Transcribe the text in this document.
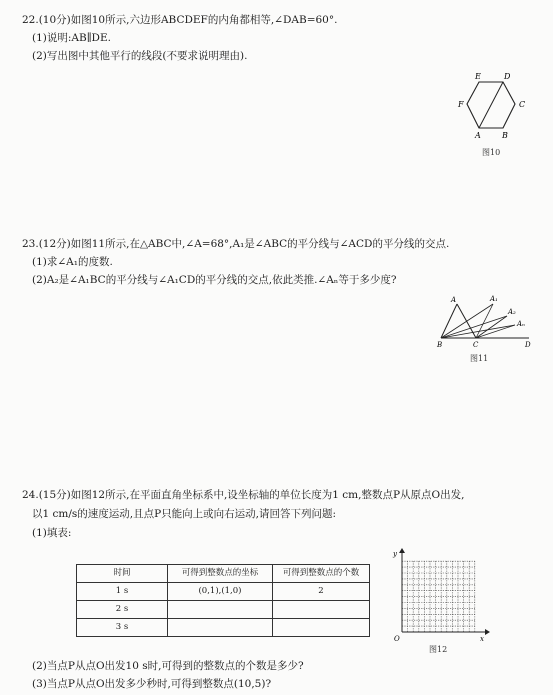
22.(10分)如图10所示,六边形ABCDEF的内角都相等,∠DAB=60°.
(1)说明:AB∥DE.
(2)写出图中其他平行的线段(不要求说明理由).
E	D
F	C
A	B
图10
23.(12分)如图11所示,在△ABC中,∠A=68°,A₁是∠ABC的平分线与∠ACD的平分线的交点.
(1)求∠A₁的度数.
(2)A₂是∠A₁BC的平分线与∠A₁CD的平分线的交点,依此类推.∠Aₙ等于多少度?
A	A₁
A₂
Aₙ
B	C	D
图11
24.(15分)如图12所示,在平面直角坐标系中,设坐标轴的单位长度为1 cm,整数点P从原点O出发,
以1 cm/s的速度运动,且点P只能向上或向右运动,请回答下列问题:
(1)填表:
时间	可得到整数点的坐标	可得到整数点的个数
1 s	(0,1),(1,0)	2
2 s		
3 s		
y
x
O
图12
(2)当点P从点O出发10 s时,可得到的整数点的个数是多少?
(3)当点P从点O出发多少秒时,可得到整数点(10,5)?
